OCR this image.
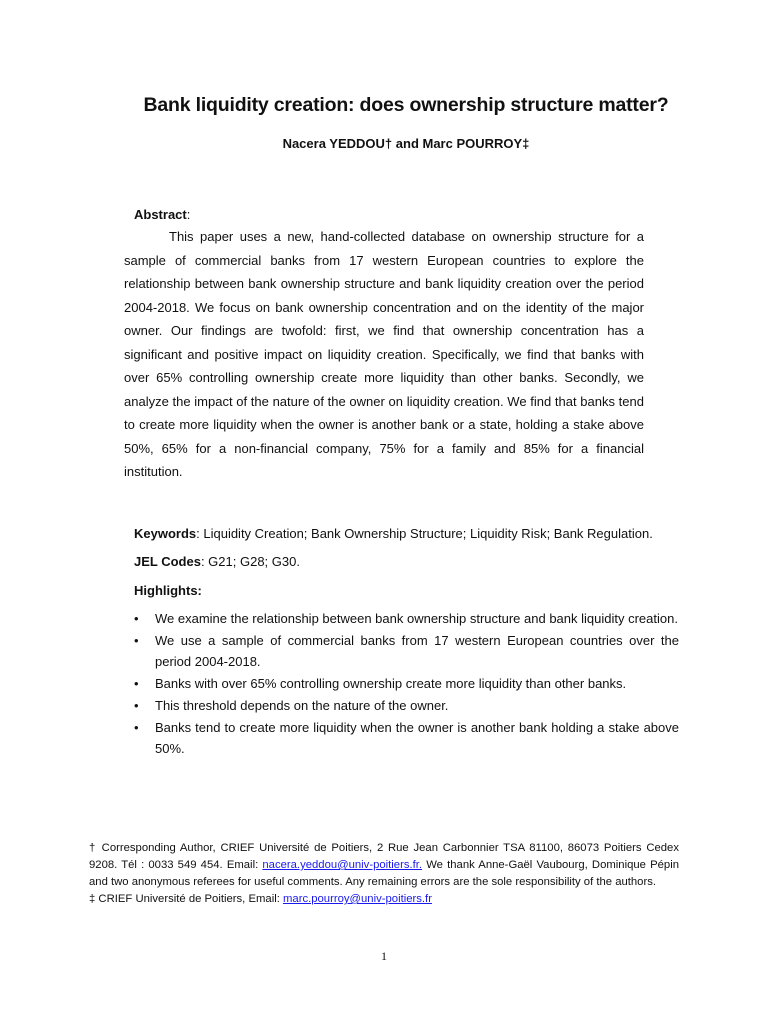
Bank liquidity creation: does ownership structure matter?
Nacera YEDDOU† and Marc POURROY‡
Abstract:

This paper uses a new, hand-collected database on ownership structure for a sample of commercial banks from 17 western European countries to explore the relationship between bank ownership structure and bank liquidity creation over the period 2004-2018. We focus on bank ownership concentration and on the identity of the major owner. Our findings are twofold: first, we find that ownership concentration has a significant and positive impact on liquidity creation. Specifically, we find that banks with over 65% controlling ownership create more liquidity than other banks. Secondly, we analyze the impact of the nature of the owner on liquidity creation. We find that banks tend to create more liquidity when the owner is another bank or a state, holding a stake above 50%, 65% for a non-financial company, 75% for a family and 85% for a financial institution.

Keywords: Liquidity Creation; Bank Ownership Structure; Liquidity Risk; Bank Regulation.
JEL Codes: G21; G28; G30.
Highlights:
• We examine the relationship between bank ownership structure and bank liquidity creation.
• We use a sample of commercial banks from 17 western European countries over the period 2004-2018.
• Banks with over 65% controlling ownership create more liquidity than other banks.
• This threshold depends on the nature of the owner.
• Banks tend to create more liquidity when the owner is another bank holding a stake above 50%.

† Corresponding Author, CRIEF Université de Poitiers, 2 Rue Jean Carbonnier TSA 81100, 86073 Poitiers Cedex 9208. Tél : 0033 549 454. Email: nacera.yeddou@univ-poitiers.fr. We thank Anne-Gaël Vaubourg, Dominique Pépin and two anonymous referees for useful comments. Any remaining errors are the sole responsibility of the authors.

‡ CRIEF Université de Poitiers, Email: marc.pourroy@univ-poitiers.fr

1
